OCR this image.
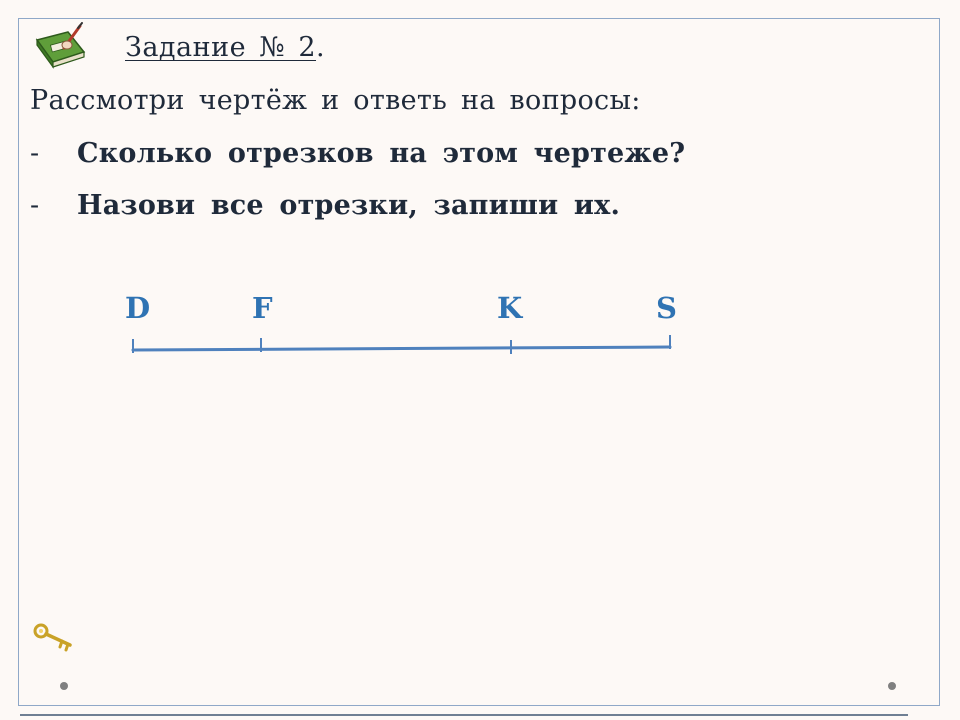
Задание № 2.
Рассмотри чертёж и ответь на вопросы:
- Сколько отрезков на этом чертеже?
- Назови все отрезки, запиши их.
D	F	K	S
